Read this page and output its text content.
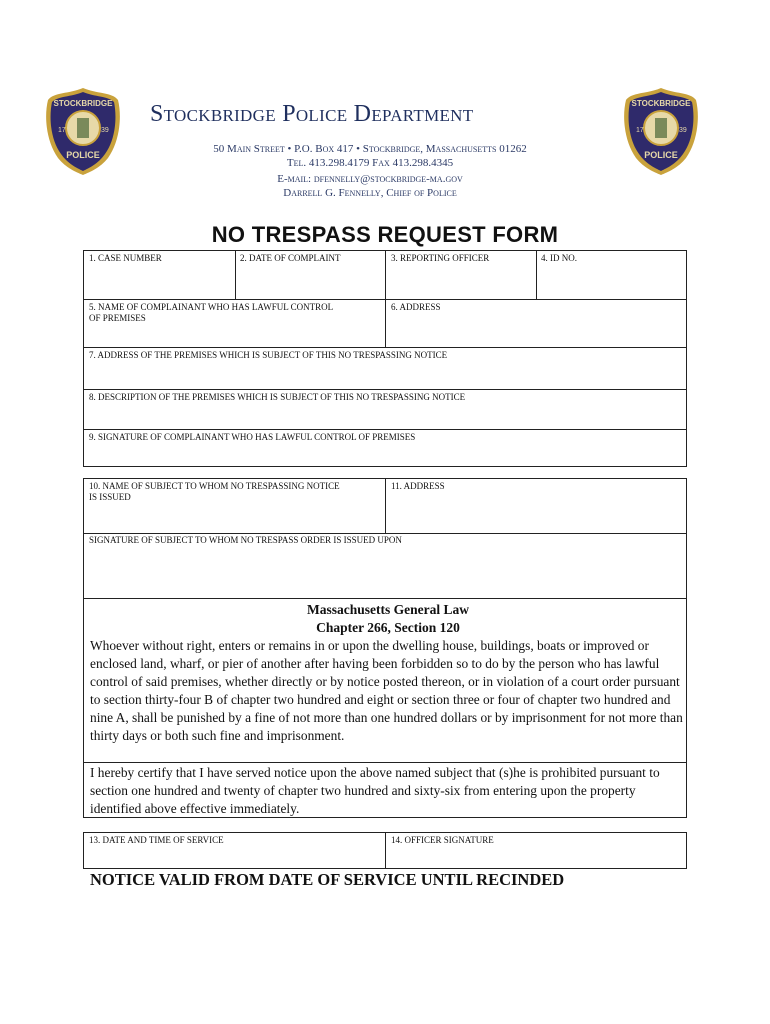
STOCKBRIDGE
17	39
POLICE
STOCKBRIDGE
17	39
POLICE
Stockbridge Police Department
50 Main Street • P.O. Box 417 • Stockbridge, Massachusetts 01262
Tel. 413.298.4179 Fax 413.298.4345
E-mail: dfennelly@stockbridge-ma.gov
Darrell G. Fennelly, Chief of Police
NO TRESPASS REQUEST FORM
1. CASE NUMBER	2. DATE OF COMPLAINT	3. REPORTING OFFICER	4. ID NO.
5. NAME OF COMPLAINANT WHO HAS LAWFUL CONTROL
OF PREMISES
6. ADDRESS
7. ADDRESS OF THE PREMISES WHICH IS SUBJECT OF THIS NO TRESPASSING NOTICE
8. DESCRIPTION OF THE PREMISES WHICH IS SUBJECT OF THIS NO TRESPASSING NOTICE
9. SIGNATURE OF COMPLAINANT WHO HAS LAWFUL CONTROL OF PREMISES
10. NAME OF SUBJECT TO WHOM NO TRESPASSING NOTICE
IS ISSUED
11. ADDRESS
SIGNATURE OF SUBJECT TO WHOM NO TRESPASS ORDER IS ISSUED UPON
Massachusetts General Law
Chapter 266, Section 120
Whoever without right, enters or remains in or upon the dwelling house, buildings, boats or improved or enclosed land, wharf, or pier of another after having been forbidden so to do by the person who has lawful control of said premises, whether directly or by notice posted thereon, or in violation of a court order pursuant to section thirty-four B of chapter two hundred and eight or section three or four of chapter two hundred and nine A, shall be punished by a fine of not more than one hundred dollars or by imprisonment for not more than thirty days or both such fine and imprisonment.
I hereby certify that I have served notice upon the above named subject that (s)he is prohibited pursuant to section one hundred and twenty of chapter two hundred and sixty-six from entering upon the property identified above effective immediately.
13. DATE AND TIME OF SERVICE	14. OFFICER SIGNATURE
NOTICE VALID FROM DATE OF SERVICE UNTIL RECINDED
